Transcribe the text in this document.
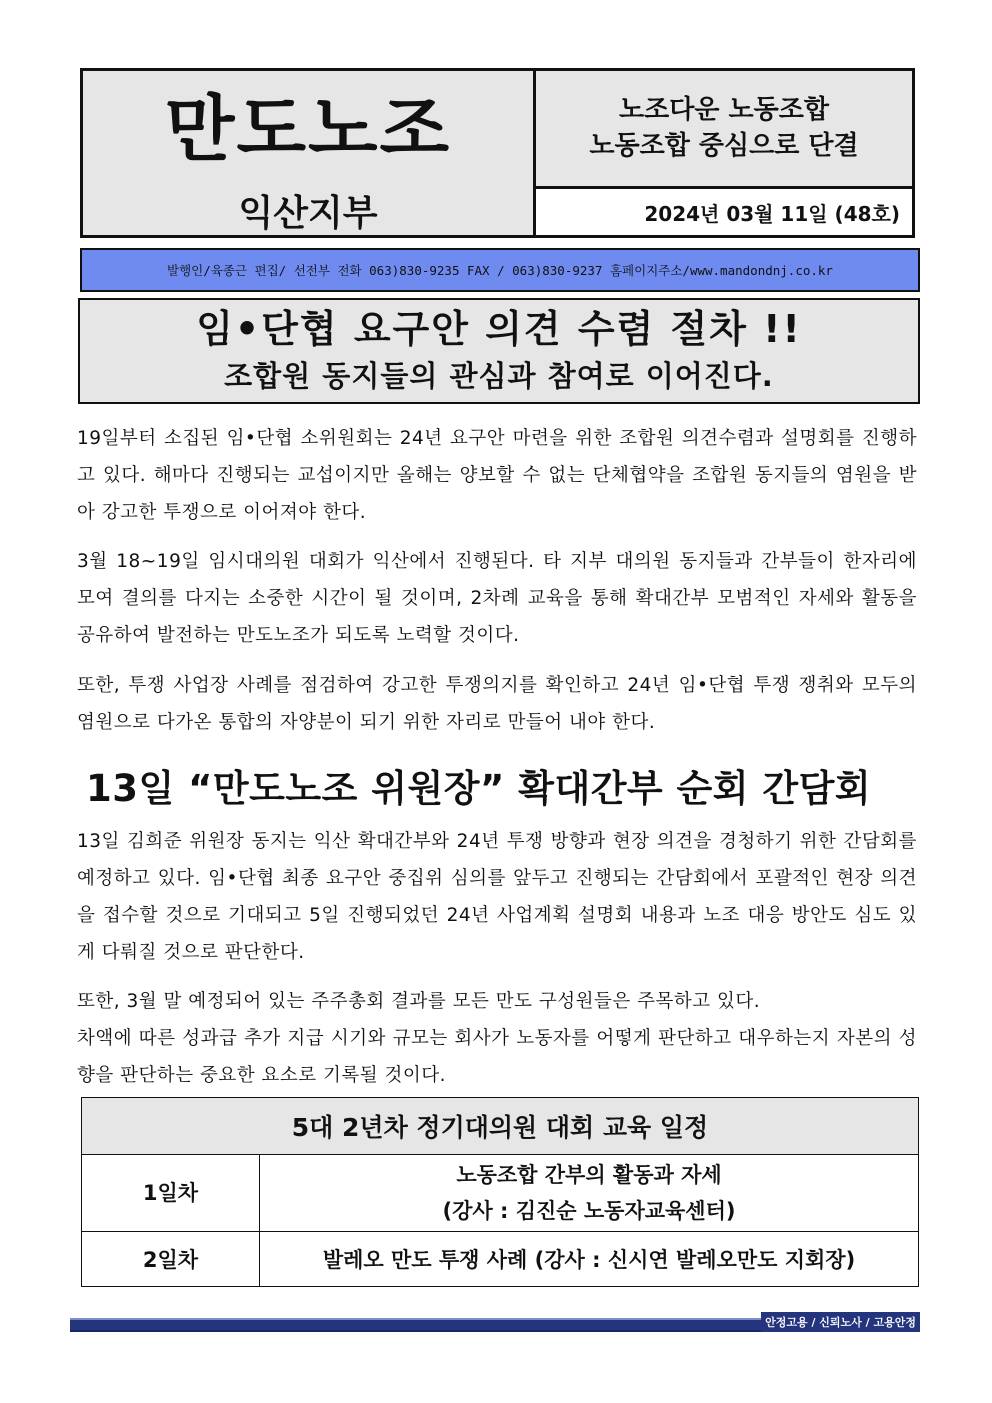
만도노조
익산지부
노조다운 노동조합
노동조합 중심으로 단결
2024년 03월 11일 (48호)
발행인/육종근 편집/ 선전부 전화 063)830-9235 FAX / 063)830-9237 홈페이지주소/www.mandondnj.co.kr
임•단협 요구안 의견 수렴 절차 !!
조합원 동지들의 관심과 참여로 이어진다.
19일부터 소집된 임•단협 소위원회는 24년 요구안 마련을 위한 조합원 의견수렴과 설명회를 진행하고 있다. 해마다 진행되는 교섭이지만 올해는 양보할 수 없는 단체협약을 조합원 동지들의 염원을 받아 강고한 투쟁으로 이어져야 한다.
3월 18~19일 임시대의원 대회가 익산에서 진행된다. 타 지부 대의원 동지들과 간부들이 한자리에 모여 결의를 다지는 소중한 시간이 될 것이며, 2차례 교육을 통해 확대간부 모범적인 자세와 활동을 공유하여 발전하는 만도노조가 되도록 노력할 것이다.
또한, 투쟁 사업장 사례를 점검하여 강고한 투쟁의지를 확인하고 24년 임•단협 투쟁 쟁취와 모두의 염원으로 다가온 통합의 자양분이 되기 위한 자리로 만들어 내야 한다.
13일 “만도노조 위원장” 확대간부 순회 간담회
13일 김희준 위원장 동지는 익산 확대간부와 24년 투쟁 방향과 현장 의견을 경청하기 위한 간담회를 예정하고 있다. 임•단협 최종 요구안 중집위 심의를 앞두고 진행되는 간담회에서 포괄적인 현장 의견을 접수할 것으로 기대되고 5일 진행되었던 24년 사업계획 설명회 내용과 노조 대응 방안도 심도 있게 다뤄질 것으로 판단한다.
또한, 3월 말 예정되어 있는 주주총회 결과를 모든 만도 구성원들은 주목하고 있다.
차액에 따른 성과급 추가 지급 시기와 규모는 회사가 노동자를 어떻게 판단하고 대우하는지 자본의 성향을 판단하는 중요한 요소로 기록될 것이다.
5대 2년차 정기대의원 대회 교육 일정	
1일차	노동조합 간부의 활동과 자세
(강사 : 김진순 노동자교육센터)

2일차	발레오 만도 투쟁 사례 (강사 : 신시연 발레오만도 지회장)
안정고용 / 신뢰노사 / 고용안정
